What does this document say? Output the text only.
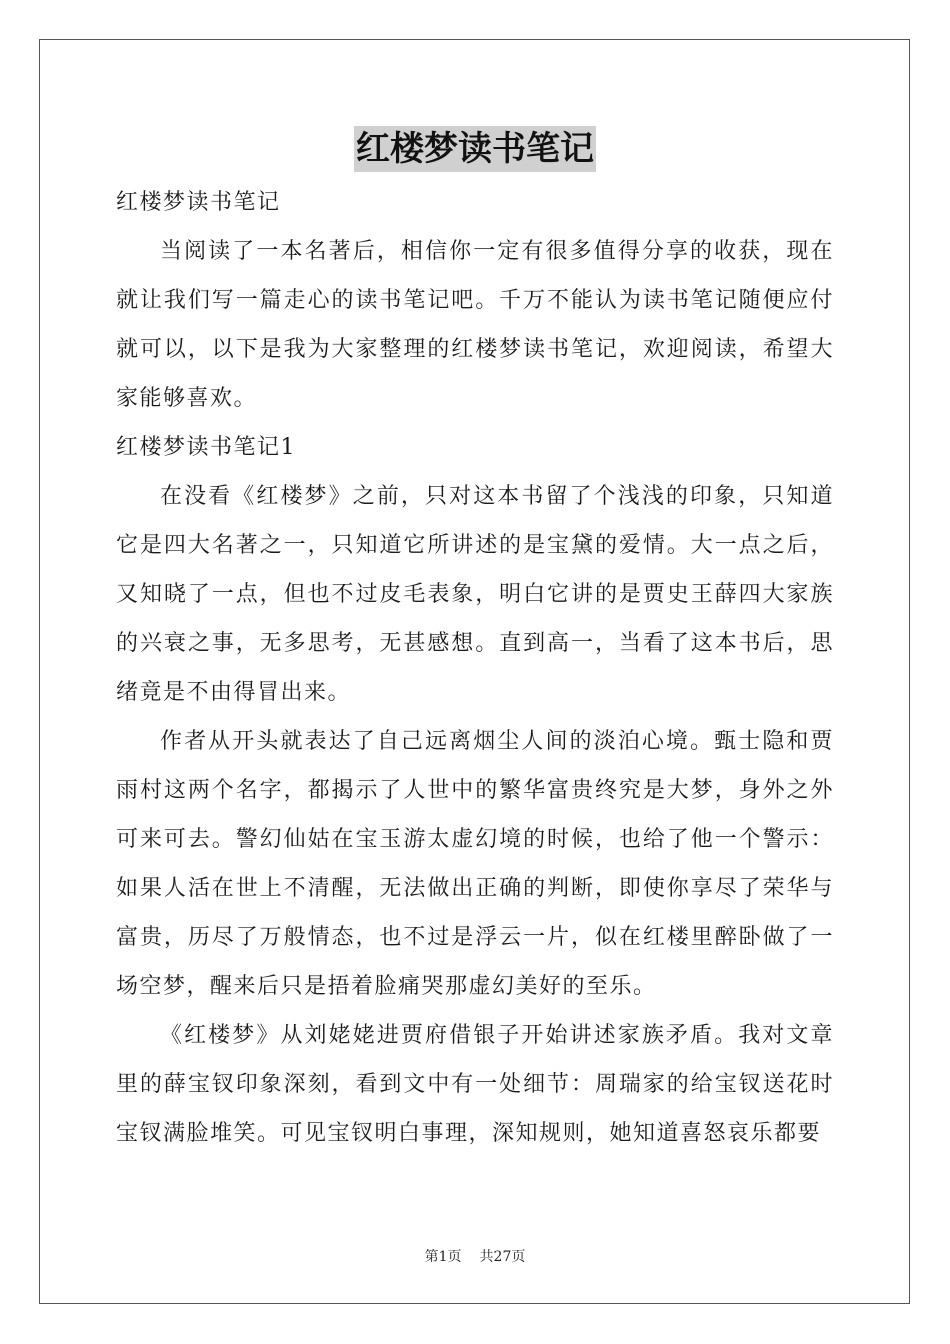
红楼梦读书笔记

红楼梦读书笔记

当阅读了一本名著后，相信你一定有很多值得分享的收获，现在就让我们写一篇走心的读书笔记吧。千万不能认为读书笔记随便应付就可以，以下是我为大家整理的红楼梦读书笔记，欢迎阅读，希望大家能够喜欢。

红楼梦读书笔记1

在没看《红楼梦》之前，只对这本书留了个浅浅的印象，只知道它是四大名著之一，只知道它所讲述的是宝黛的爱情。大一点之后，又知晓了一点，但也不过皮毛表象，明白它讲的是贾史王薛四大家族的兴衰之事，无多思考，无甚感想。直到高一，当看了这本书后，思绪竟是不由得冒出来。

作者从开头就表达了自己远离烟尘人间的淡泊心境。甄士隐和贾雨村这两个名字，都揭示了人世中的繁华富贵终究是大梦，身外之外可来可去。警幻仙姑在宝玉游太虚幻境的时候，也给了他一个警示：如果人活在世上不清醒，无法做出正确的判断，即使你享尽了荣华与富贵，历尽了万般情态，也不过是浮云一片，似在红楼里醉卧做了一场空梦，醒来后只是捂着脸痛哭那虚幻美好的至乐。

《红楼梦》从刘姥姥进贾府借银子开始讲述家族矛盾。我对文章里的薛宝钗印象深刻，看到文中有一处细节：周瑞家的给宝钗送花时宝钗满脸堆笑。可见宝钗明白事理，深知规则，她知道喜怒哀乐都要

第1页 共27页
